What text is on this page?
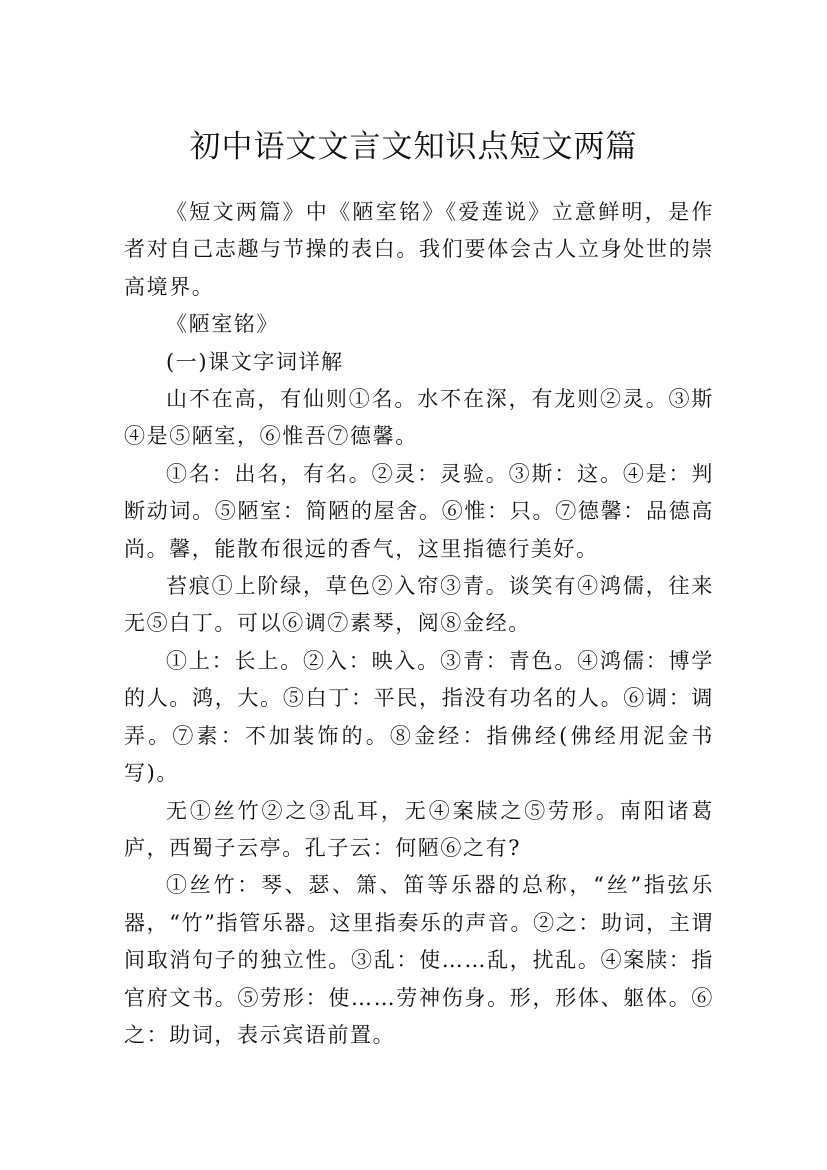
初中语文文言文知识点短文两篇

《短文两篇》中《陋室铭》《爱莲说》立意鲜明，是作者对自己志趣与节操的表白。我们要体会古人立身处世的崇高境界。

《陋室铭》

(一)课文字词详解

山不在高，有仙则①名。水不在深，有龙则②灵。③斯④是⑤陋室，⑥惟吾⑦德馨。

①名：出名，有名。②灵：灵验。③斯：这。④是：判断动词。⑤陋室：简陋的屋舍。⑥惟：只。⑦德馨：品德高尚。馨，能散布很远的香气，这里指德行美好。

苔痕①上阶绿，草色②入帘③青。谈笑有④鸿儒，往来无⑤白丁。可以⑥调⑦素琴，阅⑧金经。

①上：长上。②入：映入。③青：青色。④鸿儒：博学的人。鸿，大。⑤白丁：平民，指没有功名的人。⑥调：调弄。⑦素：不加装饰的。⑧金经：指佛经(佛经用泥金书写)。

无①丝竹②之③乱耳，无④案牍之⑤劳形。南阳诸葛庐，西蜀子云亭。孔子云：何陋⑥之有?

①丝竹：琴、瑟、箫、笛等乐器的总称，“丝”指弦乐器，“竹”指管乐器。这里指奏乐的声音。②之：助词，主谓间取消句子的独立性。③乱：使……乱，扰乱。④案牍：指官府文书。⑤劳形：使……劳神伤身。形，形体、躯体。⑥之：助词，表示宾语前置。
